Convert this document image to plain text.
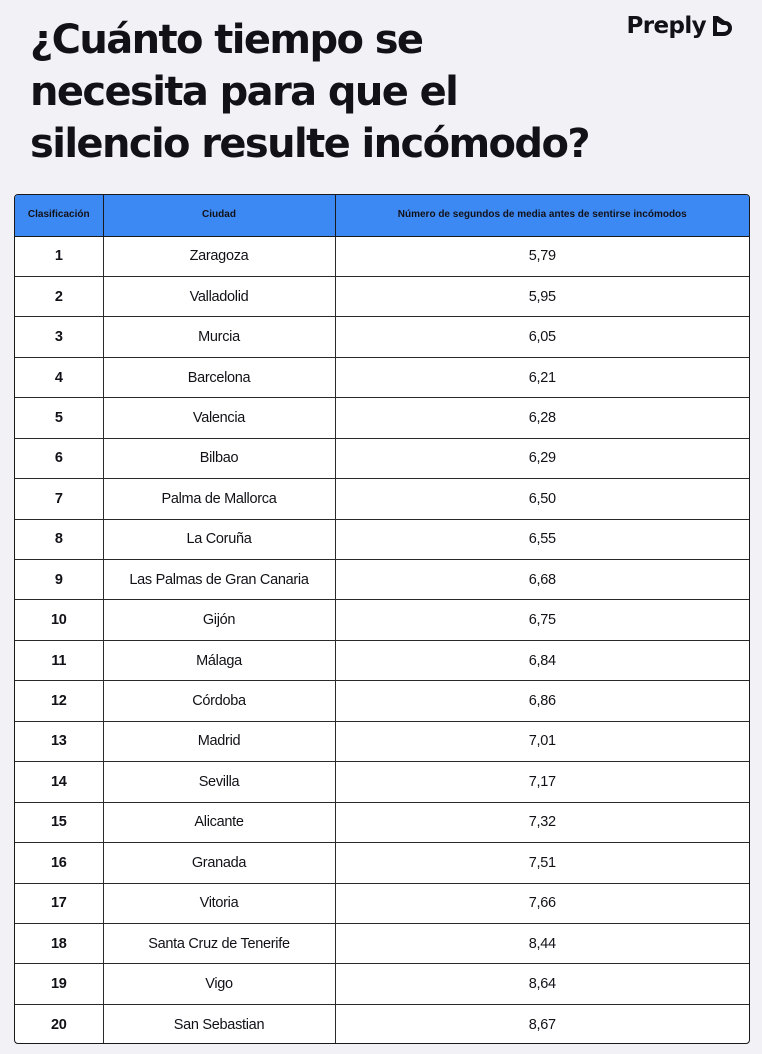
¿Cuánto tiempo se
necesita para que el
silencio resulte incómodo?
Preply
Clasificación	Ciudad	Número de segundos de media antes de sentirse incómodos
1	Zaragoza	5,79
2	Valladolid	5,95
3	Murcia	6,05
4	Barcelona	6,21
5	Valencia	6,28
6	Bilbao	6,29
7	Palma de Mallorca	6,50
8	La Coruña	6,55
9	Las Palmas de Gran Canaria	6,68
10	Gijón	6,75
11	Málaga	6,84
12	Córdoba	6,86
13	Madrid	7,01
14	Sevilla	7,17
15	Alicante	7,32
16	Granada	7,51
17	Vitoria	7,66
18	Santa Cruz de Tenerife	8,44
19	Vigo	8,64
20	San Sebastian	8,67
